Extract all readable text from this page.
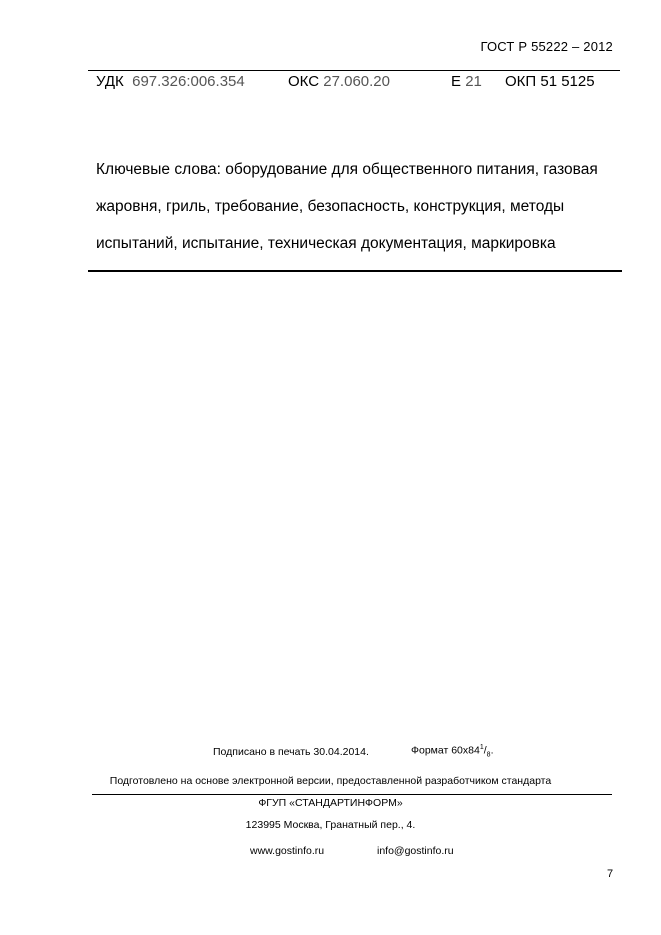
ГОСТ Р 55222 – 2012
УДК 697.326:006.354	ОКС 27.060.20	Е 21 ОКП 51 5125
Ключевые слова: оборудование для общественного питания, газовая жаровня, гриль, требование, безопасность, конструкция, методы испытаний, испытание, техническая документация, маркировка
Подписано в печать 30.04.2014.	Формат $60х84^1/_8$.
Подготовлено на основе электронной версии, предоставленной разработчиком стандарта
ФГУП «СТАНДАРТИНФОРМ»
123995 Москва, Гранатный пер., 4.
www.gostinfo.ru	info@gostinfo.ru
7
